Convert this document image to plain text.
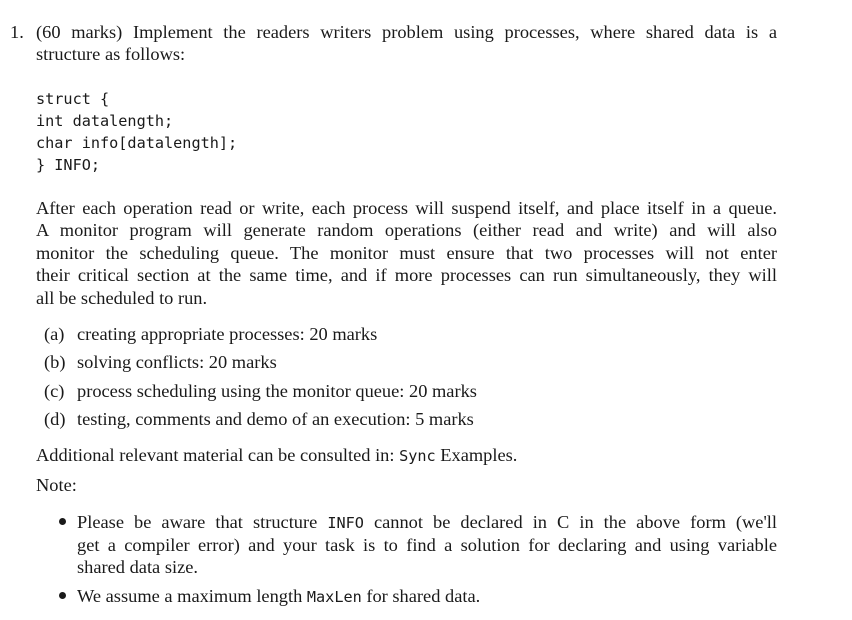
1. (60 marks) Implement the readers writers problem using processes, where shared data is a
structure as follows:
struct {
int datalength;
char info[datalength];
} INFO;
After each operation read or write, each process will suspend itself, and place itself in a queue.
A monitor program will generate random operations (either read and write) and will also
monitor the scheduling queue. The monitor must ensure that two processes will not enter
their critical section at the same time, and if more processes can run simultaneously, they will
all be scheduled to run.
(a) creating appropriate processes: 20 marks
(b) solving conflicts: 20 marks
(c) process scheduling using the monitor queue: 20 marks
(d) testing, comments and demo of an execution: 5 marks
Additional relevant material can be consulted in: Sync Examples.
Note:
Please be aware that structure INFO cannot be declared in C in the above form (we'll
get a compiler error) and your task is to find a solution for declaring and using variable
shared data size.
We assume a maximum length MaxLen for shared data.
